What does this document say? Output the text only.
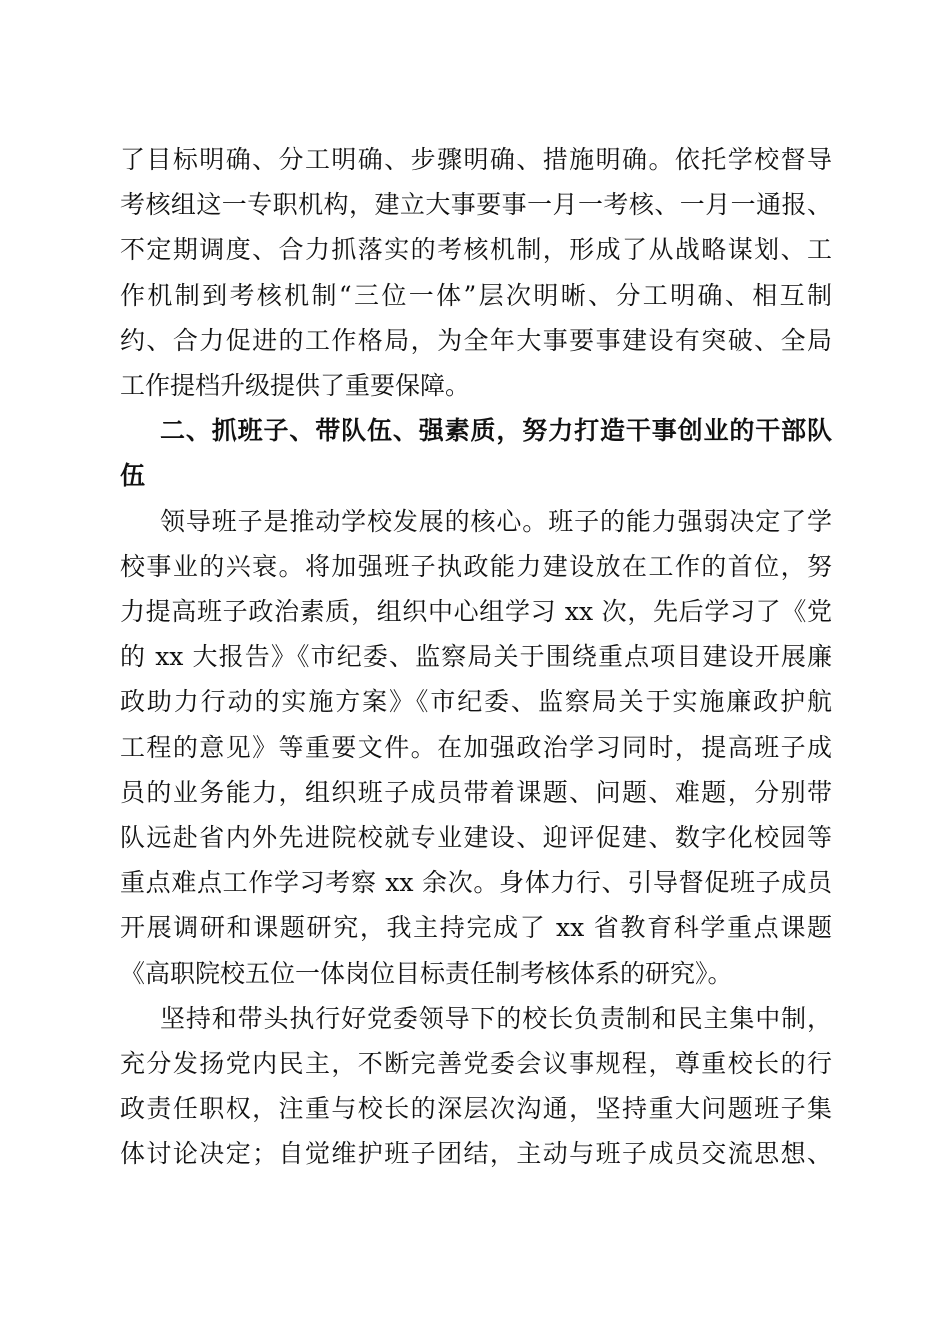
了目标明确、分工明确、步骤明确、措施明确。依托学校督导
考核组这一专职机构，建立大事要事一月一考核、一月一通报、
不定期调度、合力抓落实的考核机制，形成了从战略谋划、工
作机制到考核机制“三位一体”层次明晰、分工明确、相互制
约、合力促进的工作格局，为全年大事要事建设有突破、全局
工作提档升级提供了重要保障。
二、抓班子、带队伍、强素质，努力打造干事创业的干部队
伍
领导班子是推动学校发展的核心。班子的能力强弱决定了学
校事业的兴衰。将加强班子执政能力建设放在工作的首位，努
力提高班子政治素质，组织中心组学习 xx 次，先后学习了《党
的 xx 大报告》《市纪委、监察局关于围绕重点项目建设开展廉
政助力行动的实施方案》《市纪委、监察局关于实施廉政护航
工程的意见》等重要文件。在加强政治学习同时，提高班子成
员的业务能力，组织班子成员带着课题、问题、难题，分别带
队远赴省内外先进院校就专业建设、迎评促建、数字化校园等
重点难点工作学习考察 xx 余次。身体力行、引导督促班子成员
开展调研和课题研究，我主持完成了 xx 省教育科学重点课题
《高职院校五位一体岗位目标责任制考核体系的研究》。
坚持和带头执行好党委领导下的校长负责制和民主集中制，
充分发扬党内民主，不断完善党委会议事规程，尊重校长的行
政责任职权，注重与校长的深层次沟通，坚持重大问题班子集
体讨论决定；自觉维护班子团结，主动与班子成员交流思想、
